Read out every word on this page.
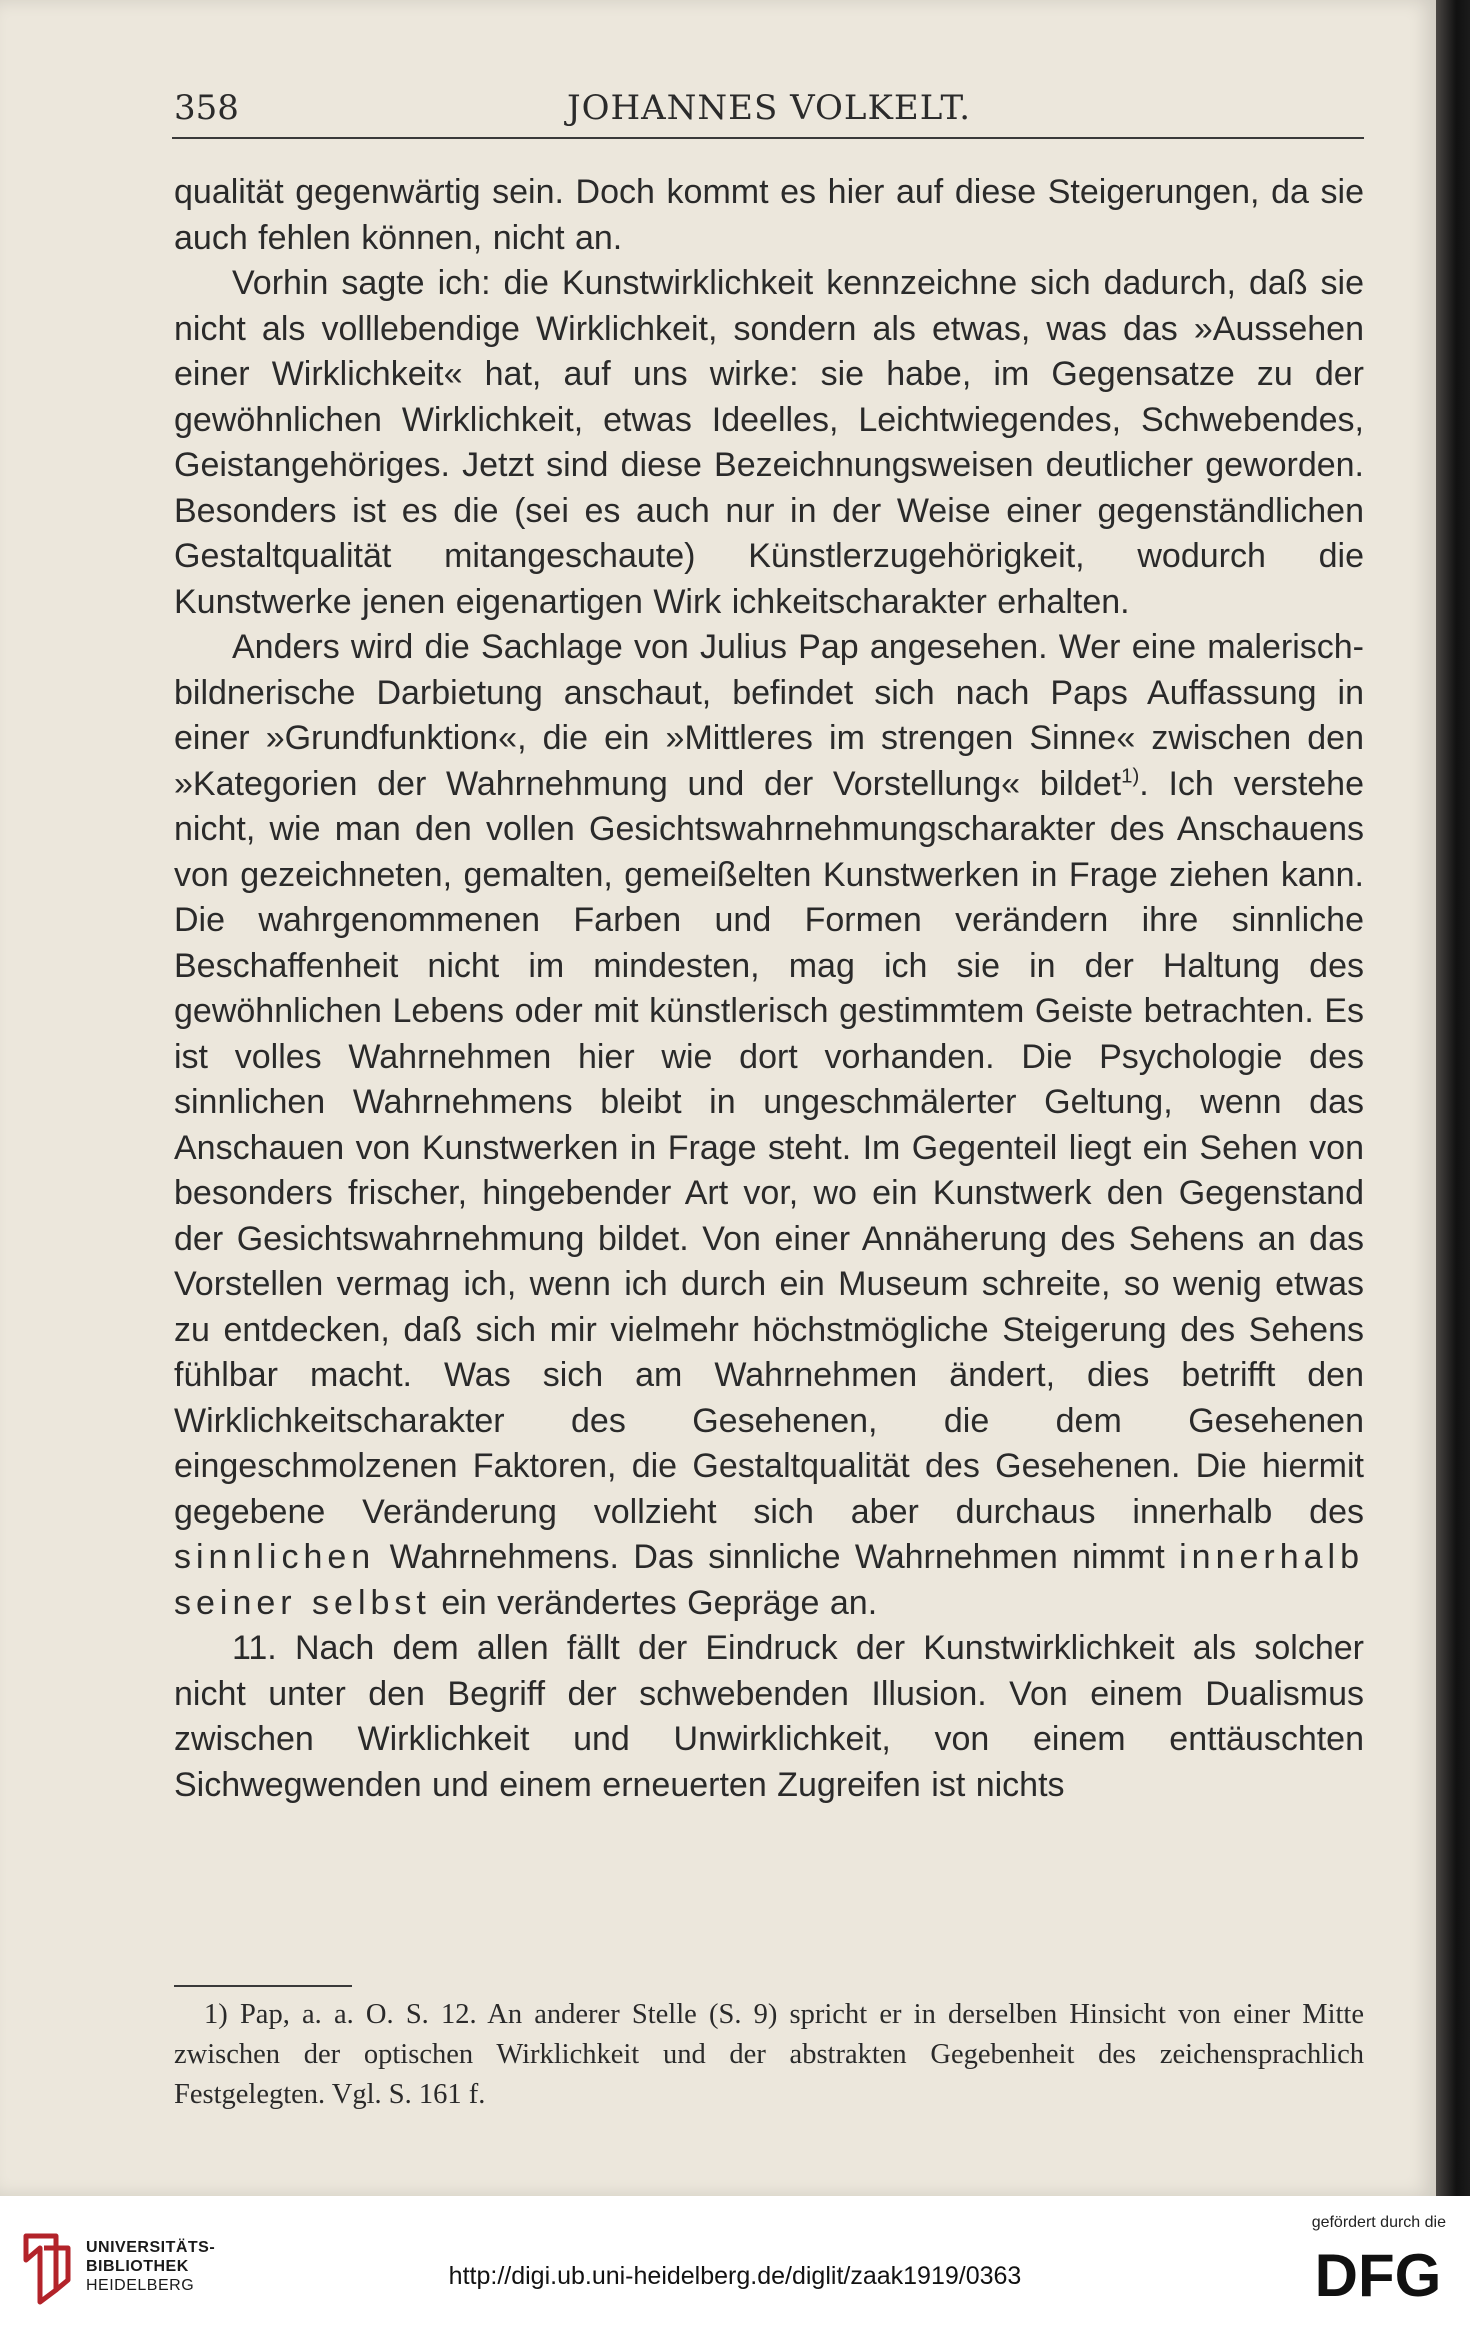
358	JOHANNES VOLKELT.

qualität gegenwärtig sein. Doch kommt es hier auf diese Steigerungen, da sie auch fehlen können, nicht an.

Vorhin sagte ich: die Kunstwirklichkeit kennzeichne sich dadurch, daß sie nicht als volllebendige Wirklichkeit, sondern als etwas, was das »Aussehen einer Wirklichkeit« hat, auf uns wirke: sie habe, im Gegensatze zu der gewöhnlichen Wirklichkeit, etwas Ideelles, Leichtwiegendes, Schwebendes, Geistangehöriges. Jetzt sind diese Bezeichnungsweisen deutlicher geworden. Besonders ist es die (sei es auch nur in der Weise einer gegenständlichen Gestaltqualität mitangeschaute) Künstlerzugehörigkeit, wodurch die Kunstwerke jenen eigenartigen Wirk ichkeitscharakter erhalten.

Anders wird die Sachlage von Julius Pap angesehen. Wer eine malerisch-bildnerische Darbietung anschaut, befindet sich nach Paps Auffassung in einer »Grundfunktion«, die ein »Mittleres im strengen Sinne« zwischen den »Kategorien der Wahrnehmung und der Vorstellung« bildet$^{1)}$. Ich verstehe nicht, wie man den vollen Gesichtswahrnehmungscharakter des Anschauens von gezeichneten, gemalten, gemeißelten Kunstwerken in Frage ziehen kann. Die wahrgenommenen Farben und Formen verändern ihre sinnliche Beschaffenheit nicht im mindesten, mag ich sie in der Haltung des gewöhnlichen Lebens oder mit künstlerisch gestimmtem Geiste betrachten. Es ist volles Wahrnehmen hier wie dort vorhanden. Die Psychologie des sinnlichen Wahrnehmens bleibt in ungeschmälerter Geltung, wenn das Anschauen von Kunstwerken in Frage steht. Im Gegenteil liegt ein Sehen von besonders frischer, hingebender Art vor, wo ein Kunstwerk den Gegenstand der Gesichtswahrnehmung bildet. Von einer Annäherung des Sehens an das Vorstellen vermag ich, wenn ich durch ein Museum schreite, so wenig etwas zu entdecken, daß sich mir vielmehr höchstmögliche Steigerung des Sehens fühlbar macht. Was sich am Wahrnehmen ändert, dies betrifft den Wirklichkeitscharakter des Gesehenen, die dem Gesehenen eingeschmolzenen Faktoren, die Gestaltqualität des Gesehenen. Die hiermit gegebene Veränderung vollzieht sich aber durchaus innerhalb des sinnlichen Wahrnehmens. Das sinnliche Wahrnehmen nimmt innerhalb seiner selbst ein verändertes Gepräge an.

11. Nach dem allen fällt der Eindruck der Kunstwirklichkeit als solcher nicht unter den Begriff der schwebenden Illusion. Von einem Dualismus zwischen Wirklichkeit und Unwirklichkeit, von einem enttäuschten Sichwegwenden und einem erneuerten Zugreifen ist nichts

1) Pap, a. a. O. S. 12. An anderer Stelle (S. 9) spricht er in derselben Hinsicht von einer Mitte zwischen der optischen Wirklichkeit und der abstrakten Gegebenheit des zeichensprachlich Festgelegten. Vgl. S. 161 f.
UNIVERSITÄTS-
BIBLIOTHEK
HEIDELBERG	http://digi.ub.uni-heidelberg.de/diglit/zaak1919/0363
gefördert durch die
DFG
